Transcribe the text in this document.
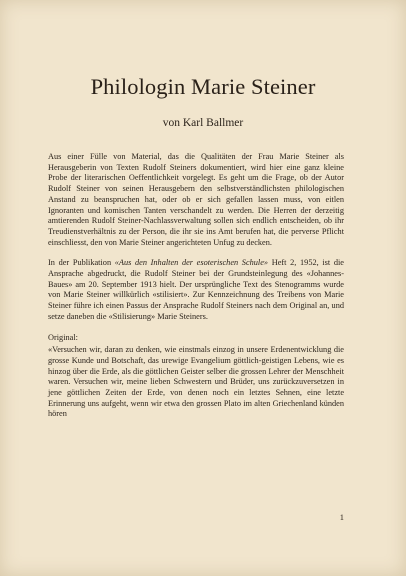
Philologin Marie Steiner

von Karl Ballmer

Aus einer Fülle von Material, das die Qualitäten der Frau Marie Steiner als Herausgeberin von Texten Rudolf Steiners dokumentiert, wird hier eine ganz kleine Probe der literarischen Oeffentlichkeit vorgelegt. Es geht um die Frage, ob der Autor Rudolf Steiner von seinen Herausgebern den selbstverständlichsten philologischen Anstand zu beanspruchen hat, oder ob er sich gefallen lassen muss, von eitlen Ignoranten und komischen Tanten verschandelt zu werden. Die Herren der derzeitig amtierenden Rudolf Steiner-Nachlassverwaltung sollen sich endlich entscheiden, ob ihr Treudienstverhältnis zu der Person, die ihr sie ins Amt berufen hat, die perverse Pflicht einschliesst, den von Marie Steiner angerichteten Unfug zu decken.

In der Publikation «Aus den Inhalten der esoterischen Schule» Heft 2, 1952, ist die Ansprache abgedruckt, die Rudolf Steiner bei der Grundsteinlegung des «Johannes-Baues» am 20. September 1913 hielt. Der ursprüngliche Text des Stenogramms wurde von Marie Steiner willkürlich «stilisiert». Zur Kennzeichnung des Treibens von Marie Steiner führe ich einen Passus der Ansprache Rudolf Steiners nach dem Original an, und setze daneben die «Stilisierung» Marie Steiners.

Original:

«Versuchen wir, daran zu denken, wie einstmals einzog in unsere Erdenentwicklung die grosse Kunde und Botschaft, das urewige Evangelium göttlich-geistigen Lebens, wie es hinzog über die Erde, als die göttlichen Geister selber die grossen Lehrer der Menschheit waren. Versuchen wir, meine lieben Schwestern und Brüder, uns zurückzuversetzen in jene göttlichen Zeiten der Erde, von denen noch ein letztes Sehnen, eine letzte Erinnerung uns aufgeht, wenn wir etwa den grossen Plato im alten Griechenland künden hören

1
